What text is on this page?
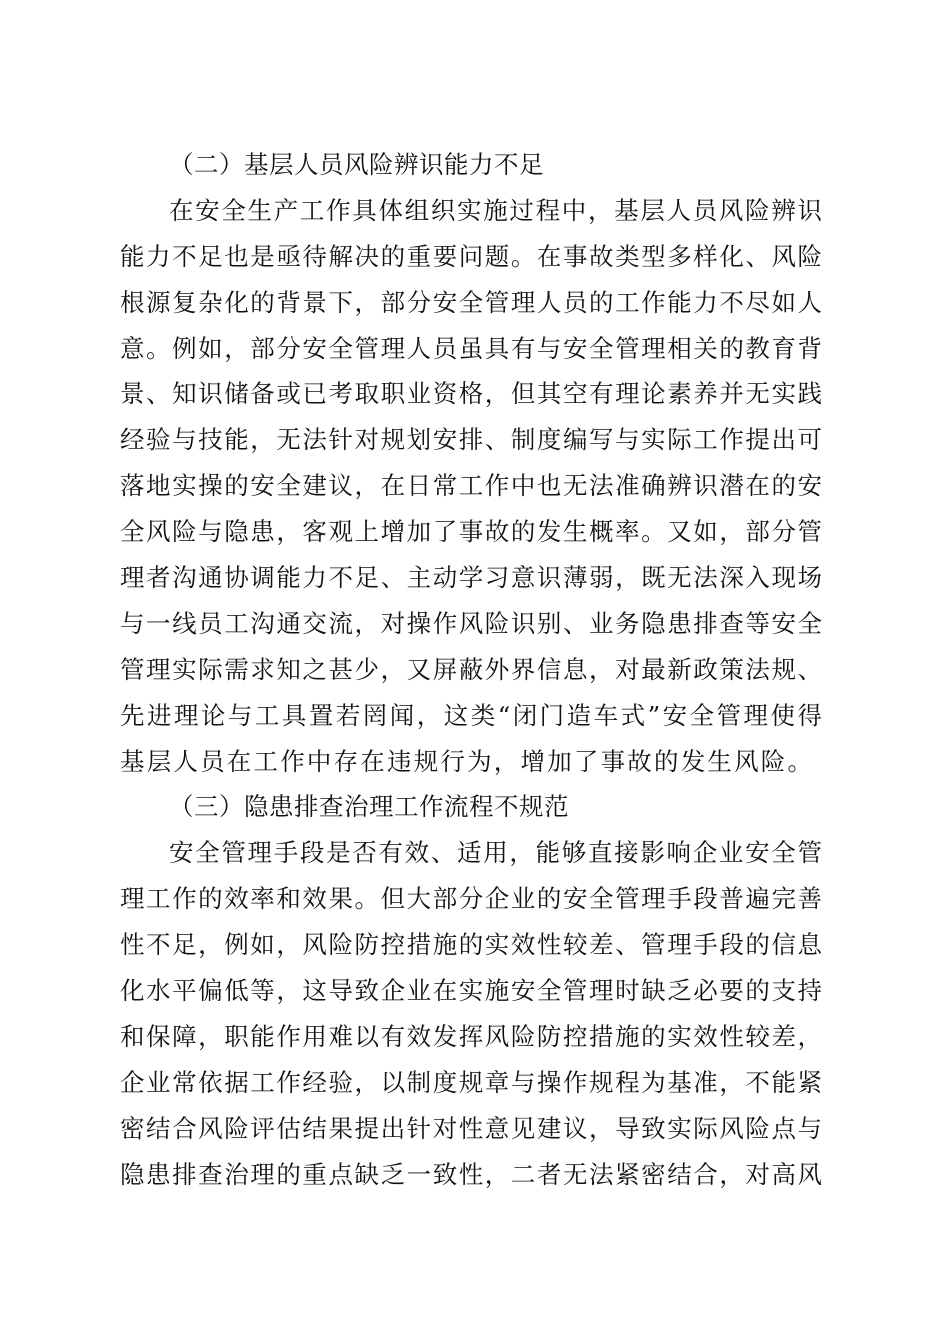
（二）基层人员风险辨识能力不足
在安全生产工作具体组织实施过程中，基层人员风险辨识
能力不足也是亟待解决的重要问题。在事故类型多样化、风险
根源复杂化的背景下，部分安全管理人员的工作能力不尽如人
意。例如，部分安全管理人员虽具有与安全管理相关的教育背
景、知识储备或已考取职业资格，但其空有理论素养并无实践
经验与技能，无法针对规划安排、制度编写与实际工作提出可
落地实操的安全建议，在日常工作中也无法准确辨识潜在的安
全风险与隐患，客观上增加了事故的发生概率。又如，部分管
理者沟通协调能力不足、主动学习意识薄弱，既无法深入现场
与一线员工沟通交流，对操作风险识别、业务隐患排查等安全
管理实际需求知之甚少，又屏蔽外界信息，对最新政策法规、
先进理论与工具置若罔闻，这类“闭门造车式”安全管理使得
基层人员在工作中存在违规行为，增加了事故的发生风险。
（三）隐患排查治理工作流程不规范
安全管理手段是否有效、适用，能够直接影响企业安全管
理工作的效率和效果。但大部分企业的安全管理手段普遍完善
性不足，例如，风险防控措施的实效性较差、管理手段的信息
化水平偏低等，这导致企业在实施安全管理时缺乏必要的支持
和保障，职能作用难以有效发挥风险防控措施的实效性较差，
企业常依据工作经验，以制度规章与操作规程为基准，不能紧
密结合风险评估结果提出针对性意见建议，导致实际风险点与
隐患排查治理的重点缺乏一致性，二者无法紧密结合，对高风
